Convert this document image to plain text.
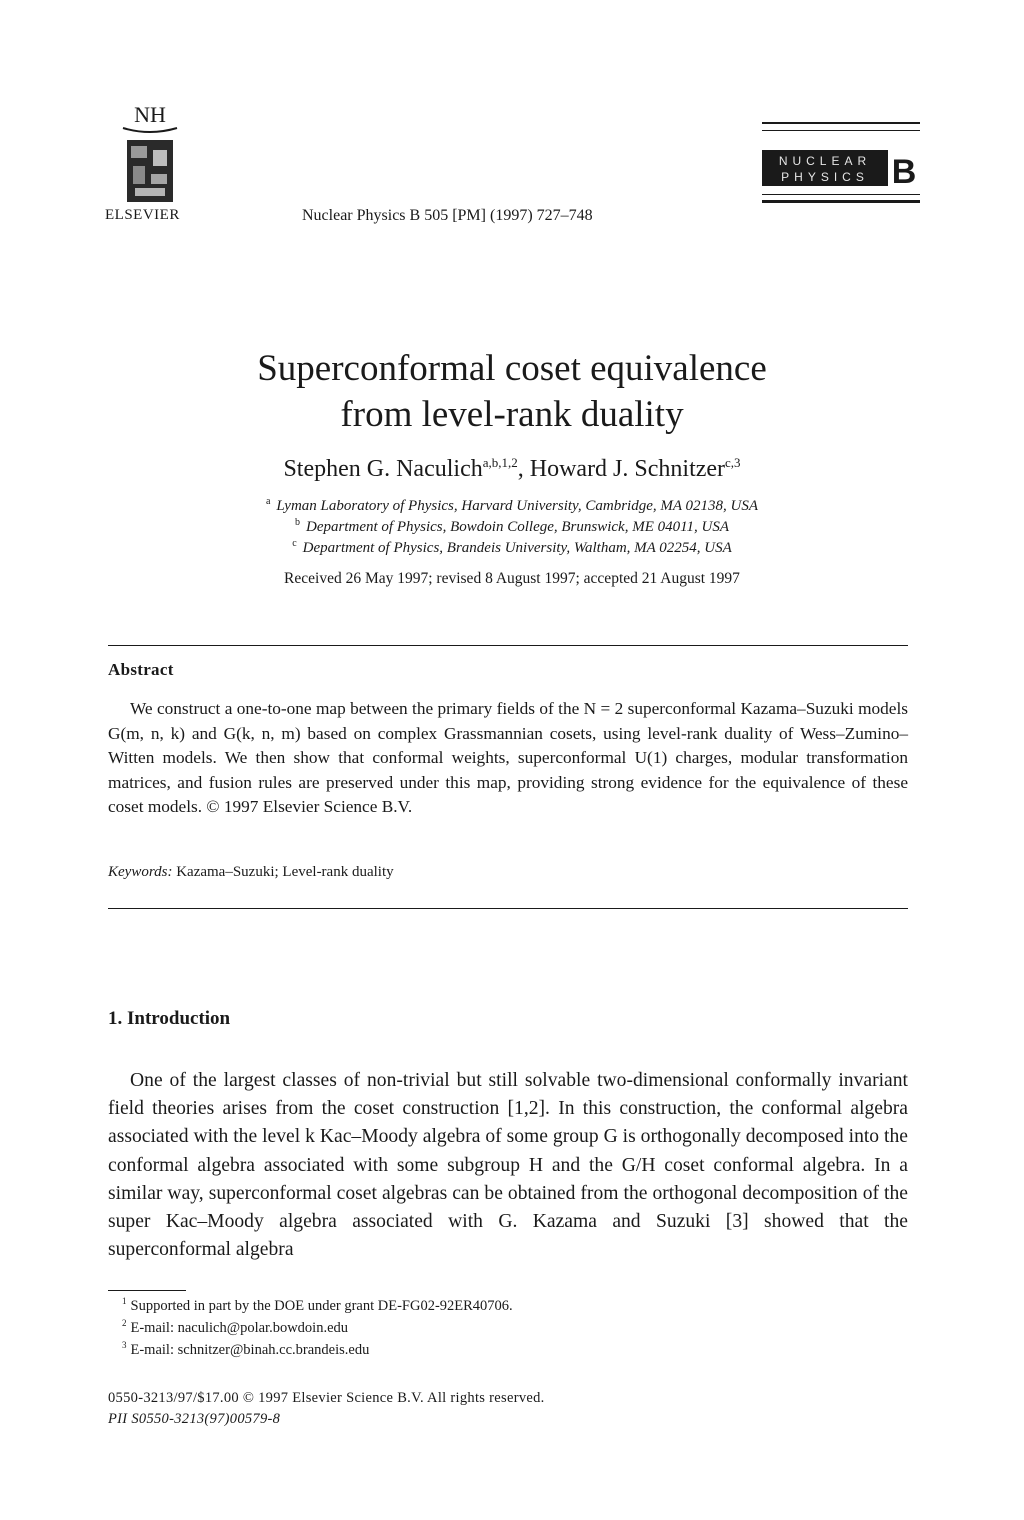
NH
ELSEVIER	Nuclear Physics B 505 [PM] (1997) 727–748
NUCLEAR
PHYSICS B
Superconformal coset equivalence
from level-rank duality
Stephen G. Naculich$^{a,b,1,2}$, Howard J. Schnitzer$^{c,3}$
$^a$ Lyman Laboratory of Physics, Harvard University, Cambridge, MA 02138, USA
$^b$ Department of Physics, Bowdoin College, Brunswick, ME 04011, USA
$^c$ Department of Physics, Brandeis University, Waltham, MA 02254, USA
Received 26 May 1997; revised 8 August 1997; accepted 21 August 1997
Abstract
We construct a one-to-one map between the primary fields of the N = 2 superconformal Kazama–Suzuki models G(m, n, k) and G(k, n, m) based on complex Grassmannian cosets, using level-rank duality of Wess–Zumino–Witten models. We then show that conformal weights, superconformal U(1) charges, modular transformation matrices, and fusion rules are preserved under this map, providing strong evidence for the equivalence of these coset models. © 1997 Elsevier Science B.V.
Keywords: Kazama–Suzuki; Level-rank duality
1. Introduction
One of the largest classes of non-trivial but still solvable two-dimensional conformally invariant field theories arises from the coset construction [1,2]. In this construction, the conformal algebra associated with the level k Kac–Moody algebra of some group G is orthogonally decomposed into the conformal algebra associated with some subgroup H and the G/H coset conformal algebra. In a similar way, superconformal coset algebras can be obtained from the orthogonal decomposition of the super Kac–Moody algebra associated with G. Kazama and Suzuki [3] showed that the superconformal algebra
$^1$ Supported in part by the DOE under grant DE-FG02-92ER40706.
$^2$ E-mail: naculich@polar.bowdoin.edu
$^3$ E-mail: schnitzer@binah.cc.brandeis.edu
0550-3213/97/$17.00 © 1997 Elsevier Science B.V. All rights reserved.
PII S0550-3213(97)00579-8
